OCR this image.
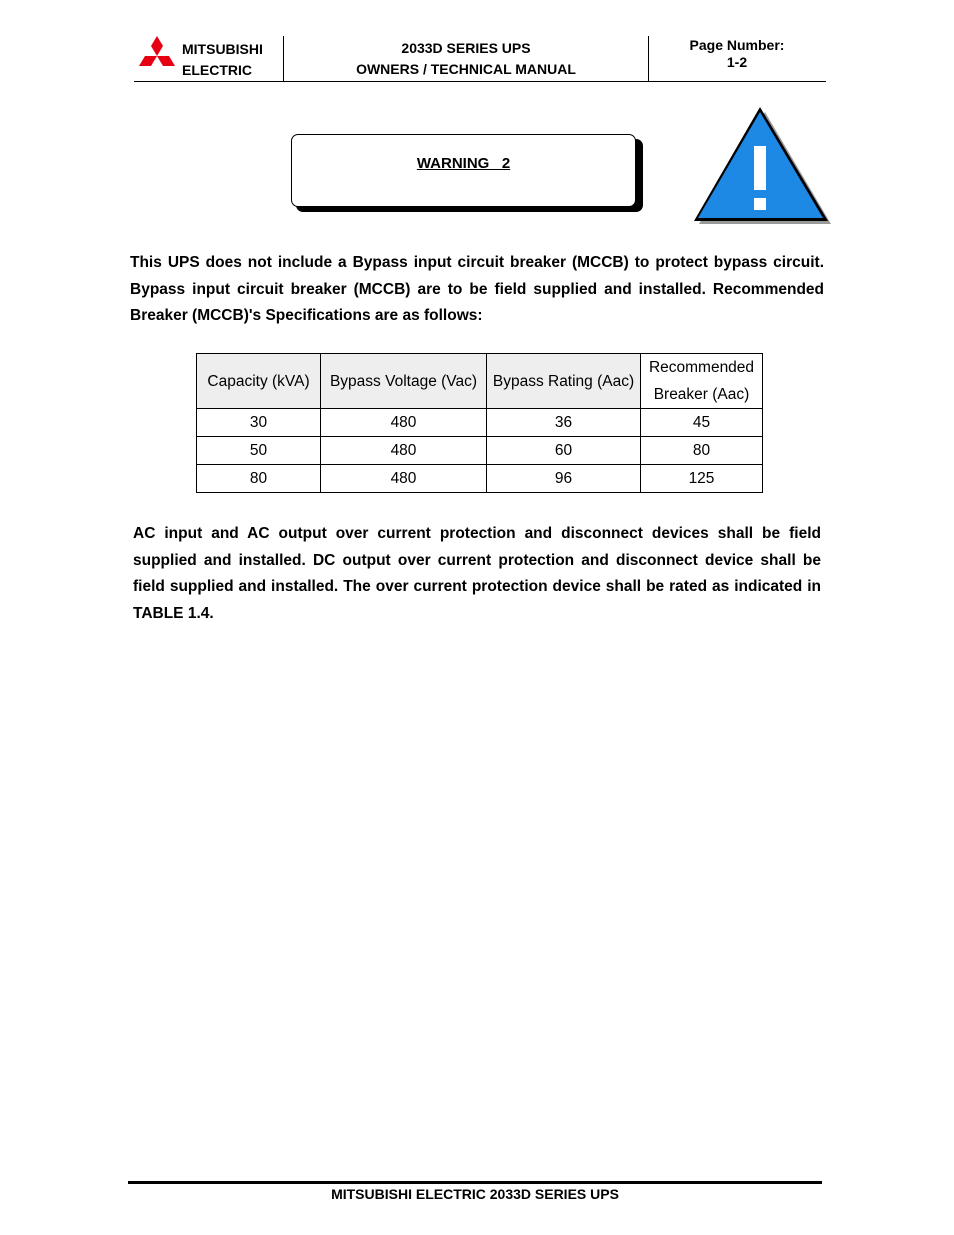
MITSUBISHI
ELECTRIC
2033D SERIES UPS
OWNERS / TECHNICAL MANUAL
Page Number:
1-2
WARNING   2
This UPS does not include a Bypass input circuit breaker (MCCB) to protect bypass circuit. Bypass input circuit breaker (MCCB) are to be field supplied and installed. Recommended Breaker (MCCB)'s Specifications are as follows:
Capacity (kVA)	Bypass Voltage (Vac)	Bypass Rating (Aac)	Recommended Breaker (Aac)
30	480	36	45
50	480	60	80
80	480	96	125
AC input and AC output over current protection and disconnect devices shall be field supplied and installed. DC output over current protection and disconnect device shall be field supplied and installed. The over current protection device shall be rated as indicated in TABLE 1.4.
MITSUBISHI ELECTRIC 2033D SERIES UPS
